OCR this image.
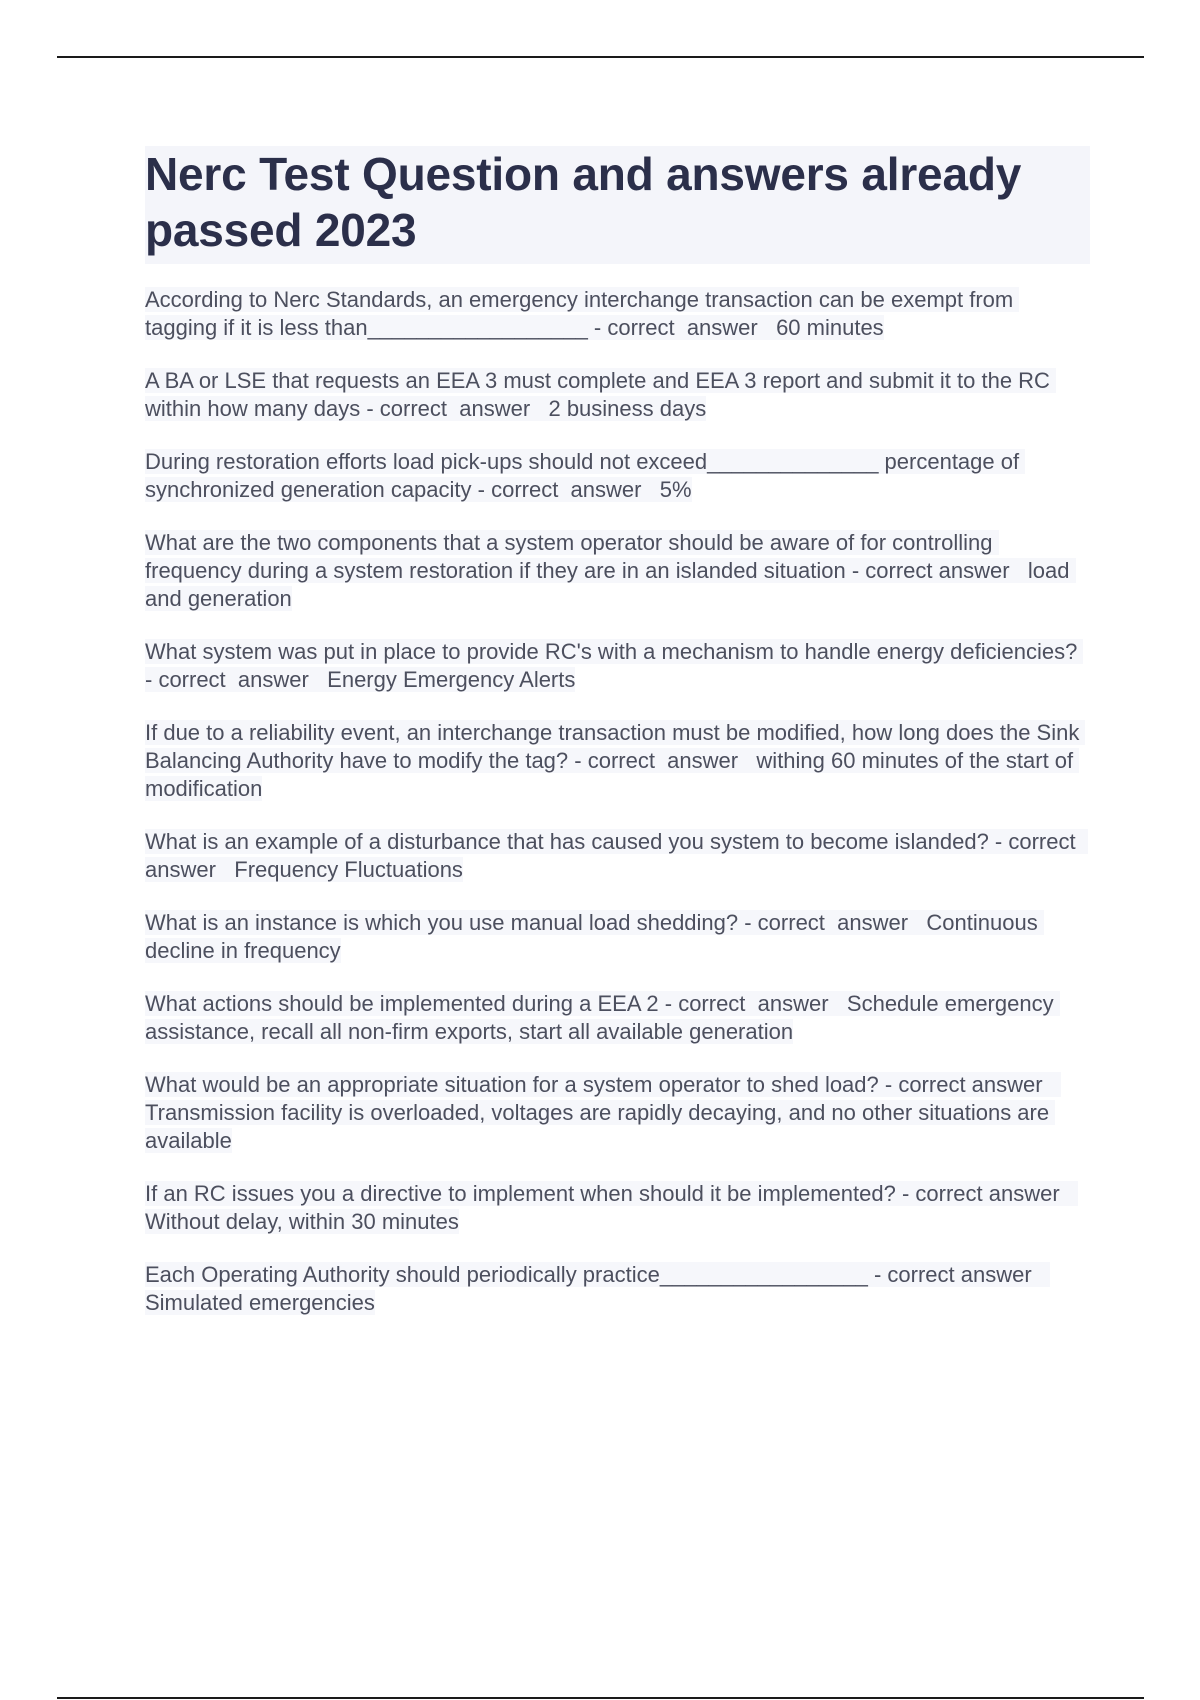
Nerc Test Question and answers already passed 2023

According to Nerc Standards, an emergency interchange transaction can be exempt from tagging if it is less than__________________ - correct  answer   60 minutes

A BA or LSE that requests an EEA 3 must complete and EEA 3 report and submit it to the RC within how many days - correct  answer   2 business days

During restoration efforts load pick-ups should not exceed______________ percentage of synchronized generation capacity - correct  answer   5%

What are the two components that a system operator should be aware of for controlling frequency during a system restoration if they are in an islanded situation - correct answer   load and generation

What system was put in place to provide RC's with a mechanism to handle energy deficiencies? - correct  answer   Energy Emergency Alerts

If due to a reliability event, an interchange transaction must be modified, how long does the Sink Balancing Authority have to modify the tag? - correct  answer   withing 60 minutes of the start of modification

What is an example of a disturbance that has caused you system to become islanded? - correct  answer   Frequency Fluctuations

What is an instance is which you use manual load shedding? - correct  answer   Continuous decline in frequency

What actions should be implemented during a EEA 2 - correct  answer   Schedule emergency assistance, recall all non-firm exports, start all available generation

What would be an appropriate situation for a system operator to shed load? - correct answer   Transmission facility is overloaded, voltages are rapidly decaying, and no other situations are available

If an RC issues you a directive to implement when should it be implemented? - correct answer   Without delay, within 30 minutes

Each Operating Authority should periodically practice_________________ - correct answer   Simulated emergencies
